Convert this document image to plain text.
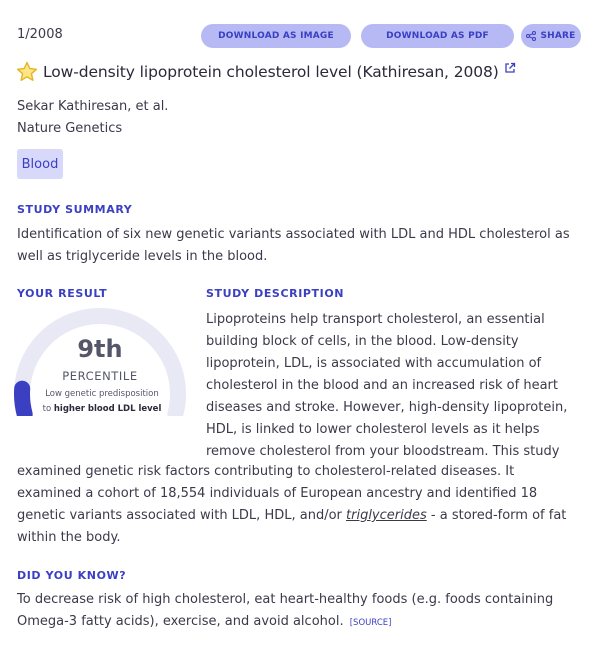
1/2008	DOWNLOAD AS IMAGE	DOWNLOAD AS PDF	SHARE
Low-density lipoprotein cholesterol level (Kathiresan, 2008)
Sekar Kathiresan, et al.
Nature Genetics
Blood
STUDY SUMMARY
Identification of six new genetic variants associated with LDL and HDL cholesterol as well as triglyceride levels in the blood.
YOUR RESULT
9th
PERCENTILE
Low genetic predisposition
to higher blood LDL level
STUDY DESCRIPTION
Lipoproteins help transport cholesterol, an essential building block of cells, in the blood. Low-density lipoprotein, LDL, is associated with accumulation of cholesterol in the blood and an increased risk of heart diseases and stroke. However, high-density lipoprotein, HDL, is linked to lower cholesterol levels as it helps remove cholesterol from your bloodstream. This study
examined genetic risk factors contributing to cholesterol-related diseases. It
examined a cohort of 18,554 individuals of European ancestry and identified 18
genetic variants associated with LDL, HDL, and/or triglycerides - a stored-form of fat
within the body.
DID YOU KNOW?
To decrease risk of high cholesterol, eat heart-healthy foods (e.g. foods containing
Omega-3 fatty acids), exercise, and avoid alcohol. [SOURCE]
